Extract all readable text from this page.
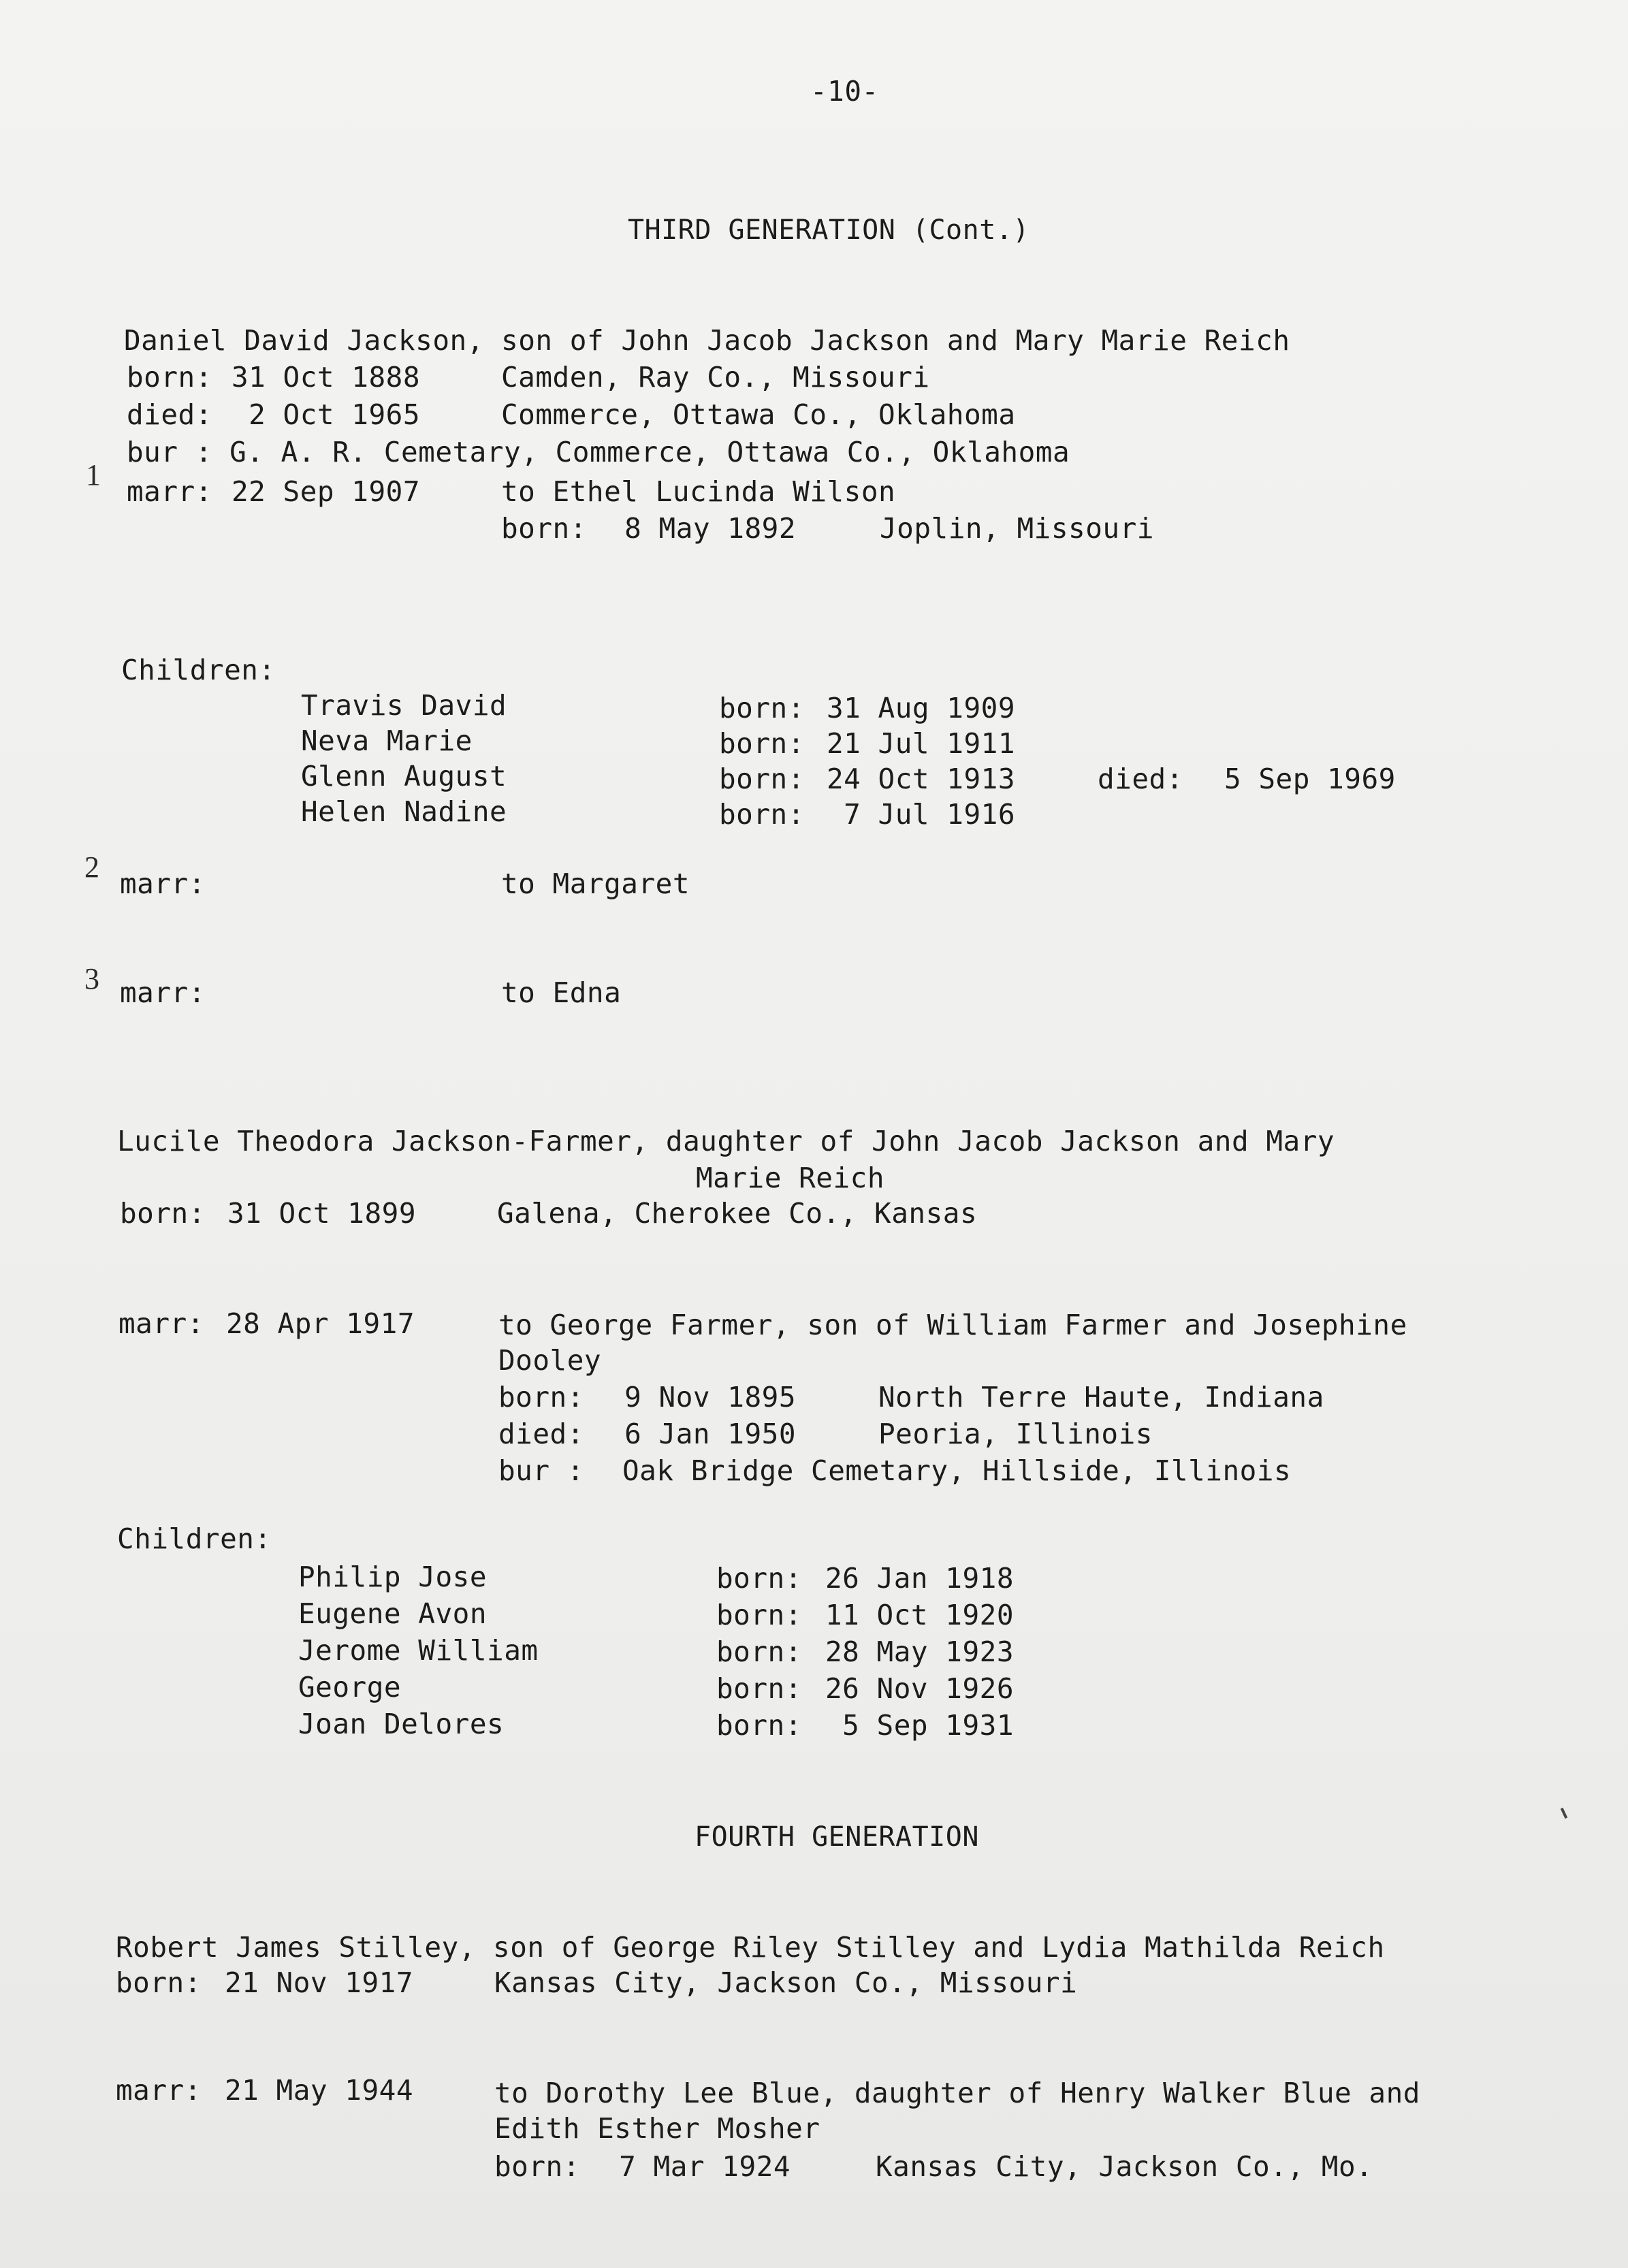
-10-
THIRD GENERATION (Cont.)
Daniel David Jackson, son of John Jacob Jackson and Mary Marie Reich
born: 31 Oct 1888	Camden, Ray Co., Missouri
died: 2 Oct 1965	Commerce, Ottawa Co., Oklahoma
bur : G. A. R. Cemetary, Commerce, Ottawa Co., Oklahoma
1 marr: 22 Sep 1907	to Ethel Lucinda Wilson
born: 8 May 1892	Joplin, Missouri
Children:
Travis David	born: 31 Aug 1909
Neva Marie	born: 21 Jul 1911
Glenn August	born: 24 Oct 1913	died: 5 Sep 1969
Helen Nadine	born: 7 Jul 1916
2 marr:	to Margaret
3 marr:	to Edna
Lucile Theodora Jackson-Farmer, daughter of John Jacob Jackson and Mary
Marie Reich
born: 31 Oct 1899	Galena, Cherokee Co., Kansas
marr: 28 Apr 1917	to George Farmer, son of William Farmer and Josephine
Dooley
born: 9 Nov 1895	North Terre Haute, Indiana
died: 6 Jan 1950	Peoria, Illinois
bur : Oak Bridge Cemetary, Hillside, Illinois
Children:
Philip Jose	born: 26 Jan 1918
Eugene Avon	born: 11 Oct 1920
Jerome William	born: 28 May 1923
George	born: 26 Nov 1926
Joan Delores	born: 5 Sep 1931
FOURTH GENERATION
Robert James Stilley, son of George Riley Stilley and Lydia Mathilda Reich
born: 21 Nov 1917	Kansas City, Jackson Co., Missouri
marr: 21 May 1944	to Dorothy Lee Blue, daughter of Henry Walker Blue and
Edith Esther Mosher
born: 7 Mar 1924	Kansas City, Jackson Co., Mo.
